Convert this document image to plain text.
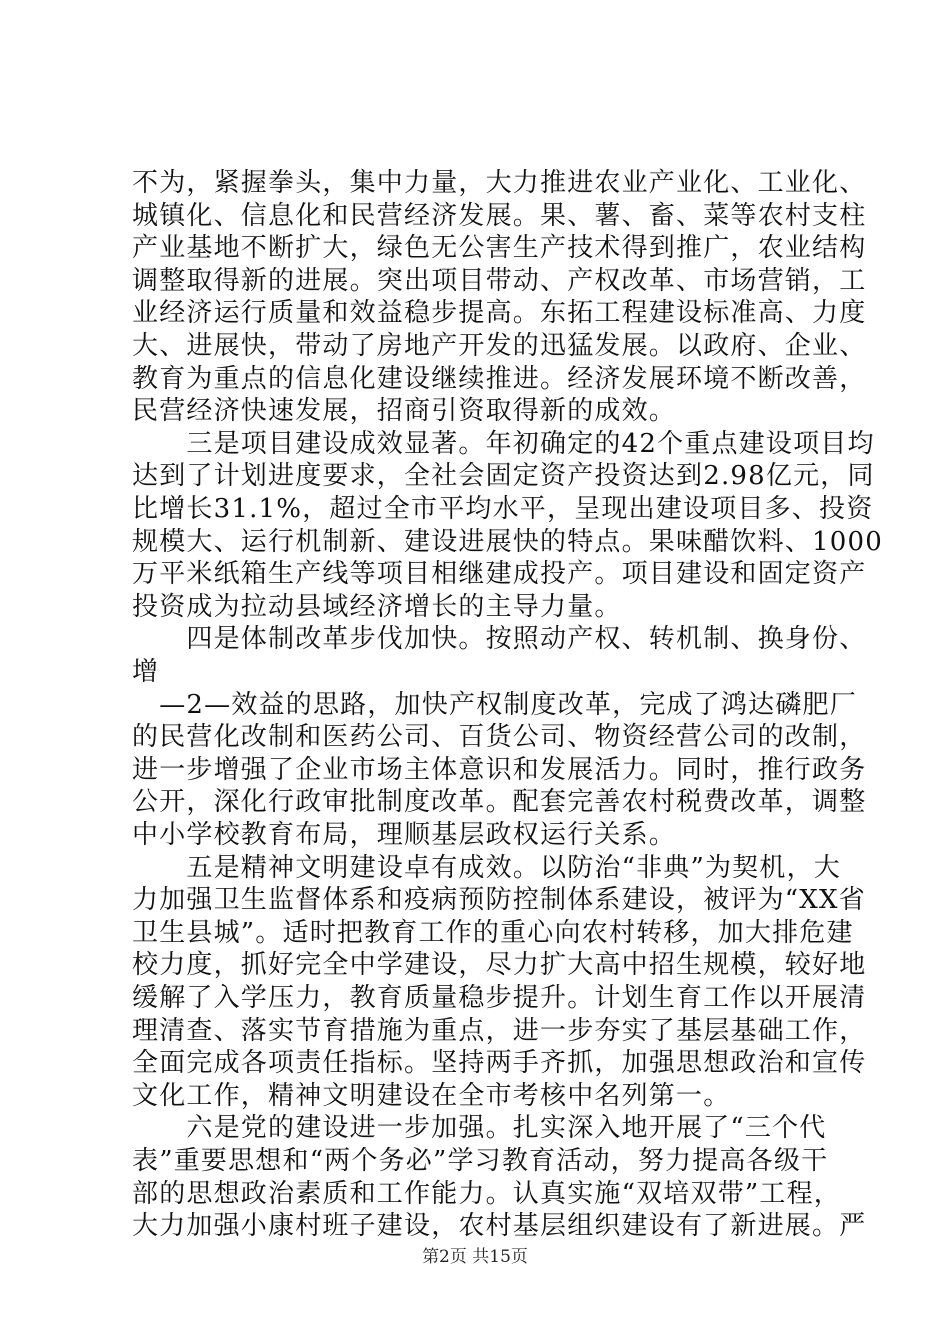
不为，紧握拳头，集中力量，大力推进农业产业化、工业化、
城镇化、信息化和民营经济发展。果、薯、畜、菜等农村支柱
产业基地不断扩大，绿色无公害生产技术得到推广，农业结构
调整取得新的进展。突出项目带动、产权改革、市场营销，工
业经济运行质量和效益稳步提高。东拓工程建设标准高、力度
大、进展快，带动了房地产开发的迅猛发展。以政府、企业、
教育为重点的信息化建设继续推进。经济发展环境不断改善，
民营经济快速发展，招商引资取得新的成效。
　　三是项目建设成效显著。年初确定的42个重点建设项目均
达到了计划进度要求，全社会固定资产投资达到2.98亿元，同
比增长31.1%，超过全市平均水平，呈现出建设项目多、投资
规模大、运行机制新、建设进展快的特点。果味醋饮料、1000
万平米纸箱生产线等项目相继建成投产。项目建设和固定资产
投资成为拉动县域经济增长的主导力量。
　　四是体制改革步伐加快。按照动产权、转机制、换身份、
增
　—2—效益的思路，加快产权制度改革，完成了鸿达磷肥厂
的民营化改制和医药公司、百货公司、物资经营公司的改制，
进一步增强了企业市场主体意识和发展活力。同时，推行政务
公开，深化行政审批制度改革。配套完善农村税费改革，调整
中小学校教育布局，理顺基层政权运行关系。
　　五是精神文明建设卓有成效。以防治“非典”为契机，大
力加强卫生监督体系和疫病预防控制体系建设，被评为“XX省
卫生县城”。适时把教育工作的重心向农村转移，加大排危建
校力度，抓好完全中学建设，尽力扩大高中招生规模，较好地
缓解了入学压力，教育质量稳步提升。计划生育工作以开展清
理清查、落实节育措施为重点，进一步夯实了基层基础工作，
全面完成各项责任指标。坚持两手齐抓，加强思想政治和宣传
文化工作，精神文明建设在全市考核中名列第一。
　　六是党的建设进一步加强。扎实深入地开展了“三个代
表”重要思想和“两个务必”学习教育活动，努力提高各级干
部的思想政治素质和工作能力。认真实施“双培双带”工程，
大力加强小康村班子建设，农村基层组织建设有了新进展。严
第2页 共15页
